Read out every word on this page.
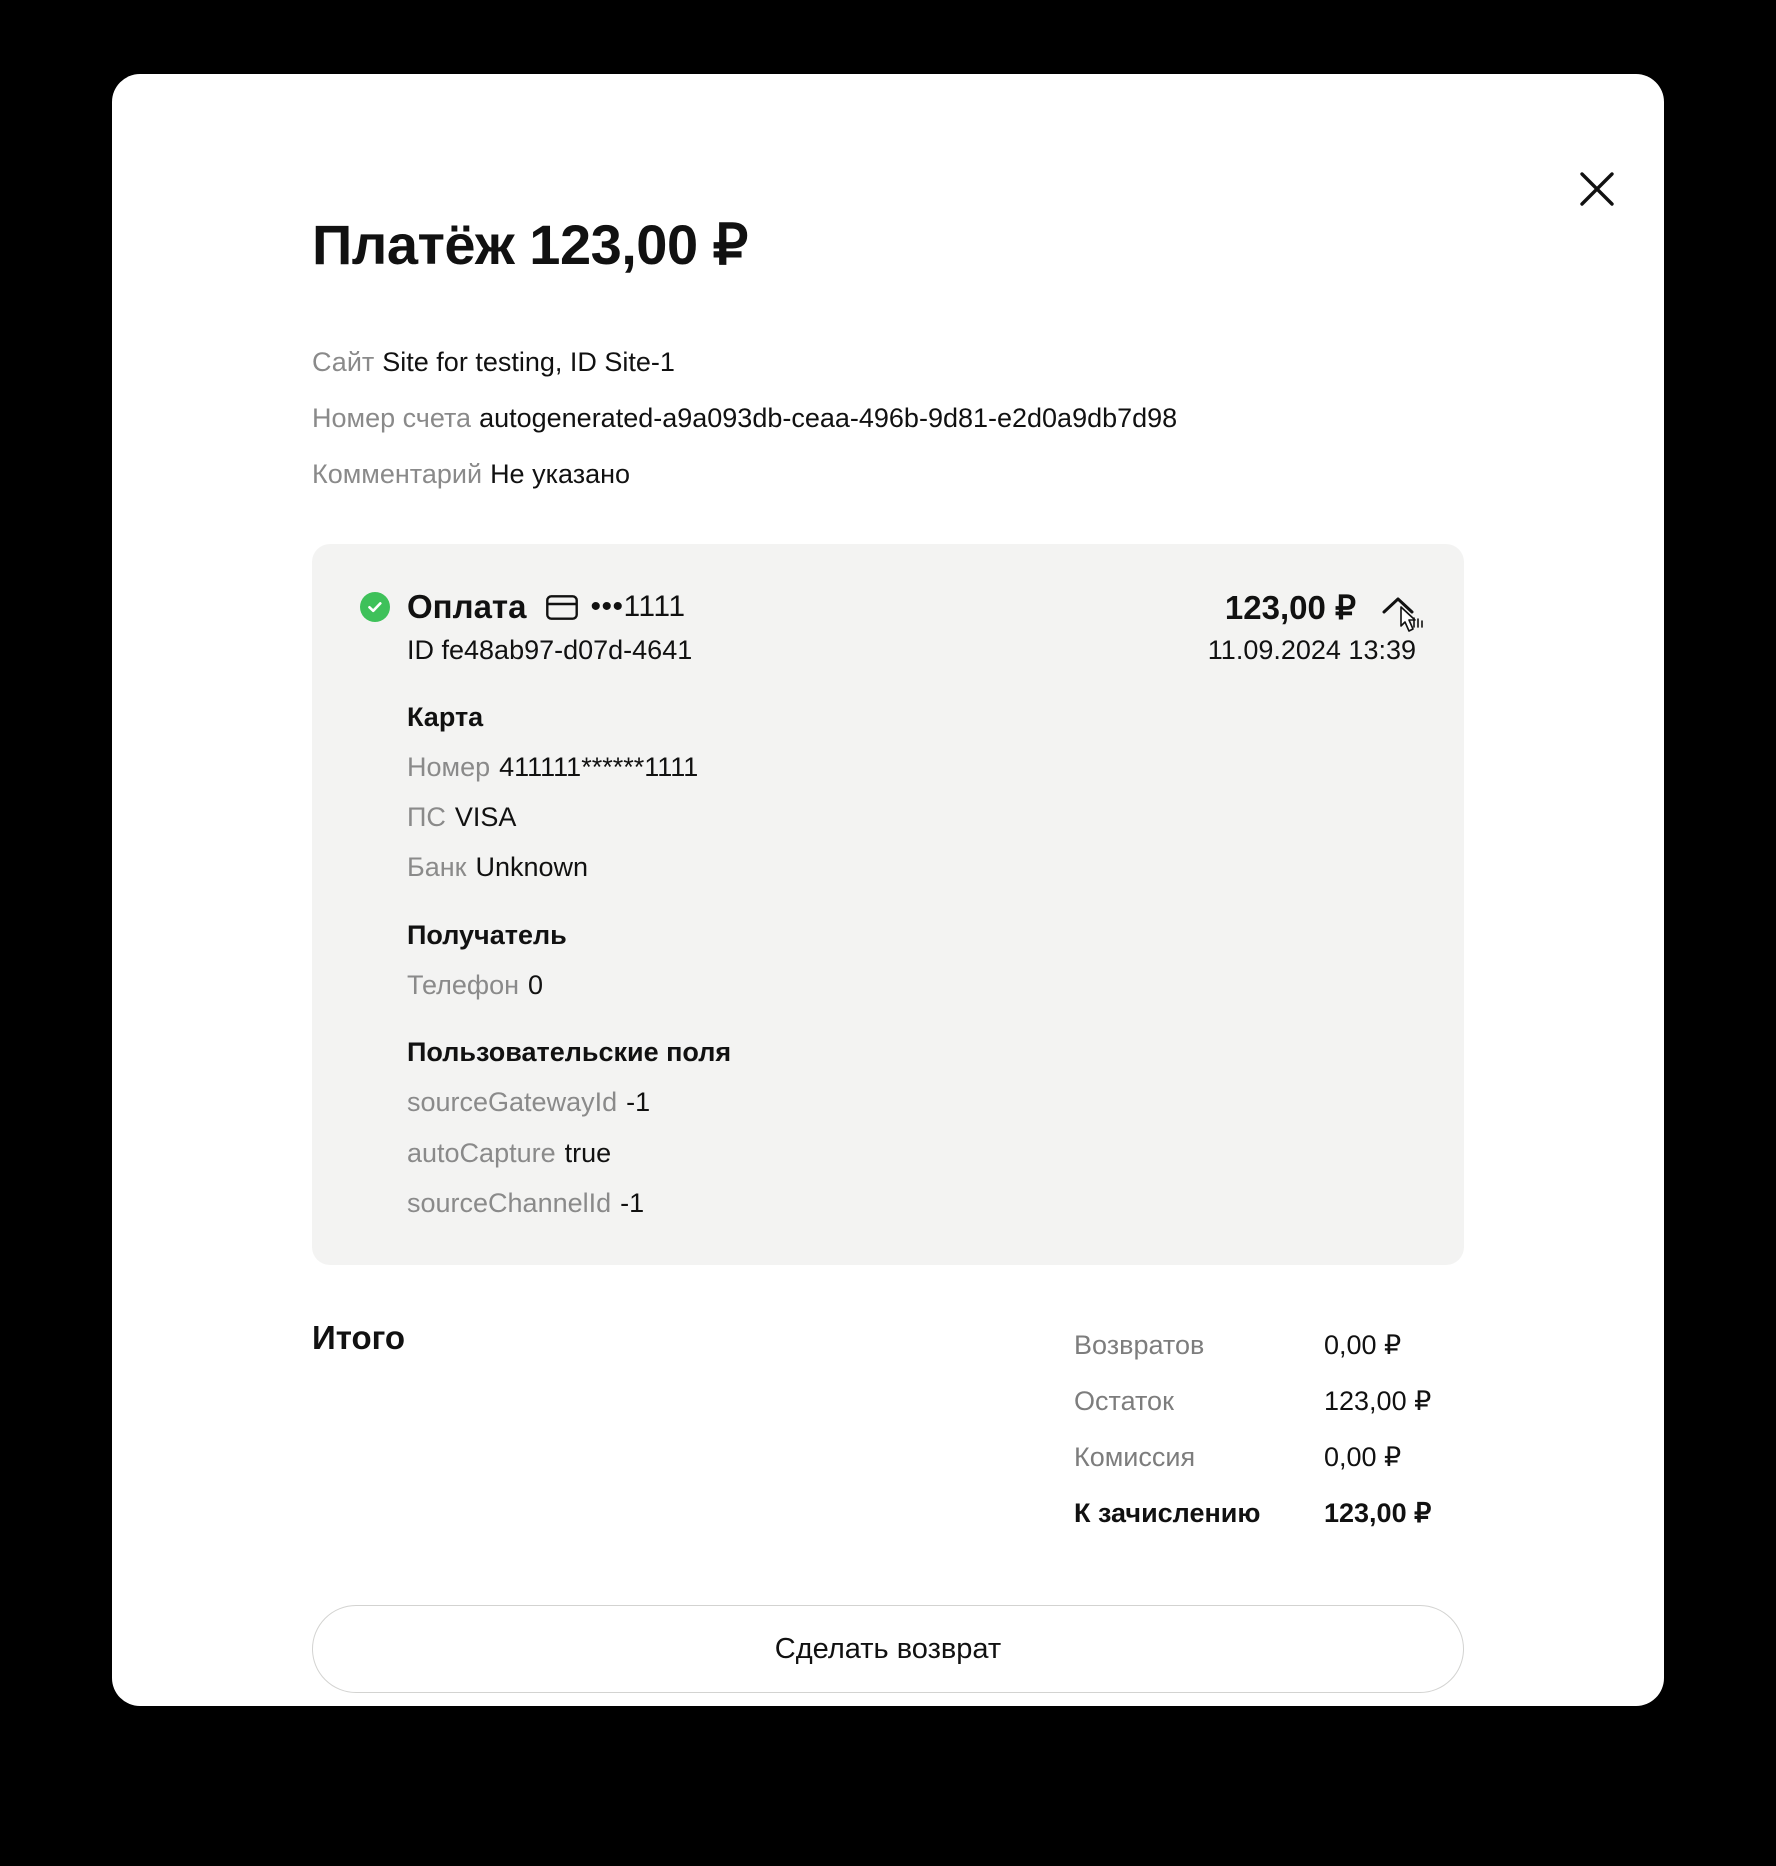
Платёж 123,00 ₽
Сайт Site for testing, ID Site-1
Номер счета autogenerated-a9a093db-ceaa-496b-9d81-e2d0a9db7d98
Комментарий Не указано
Оплата •••1111	123,00 ₽
ID fe48ab97-d07d-4641	11.09.2024 13:39
Карта
Номер 411111******1111
ПС VISA
Банк Unknown
Получатель
Телефон 0
Пользовательские поля
sourceGatewayId -1
autoCapture true
sourceChannelId -1
Итого	Возвратов	0,00 ₽
Остаток	123,00 ₽
Комиссия	0,00 ₽
К зачислению 123,00 ₽
Сделать возврат
